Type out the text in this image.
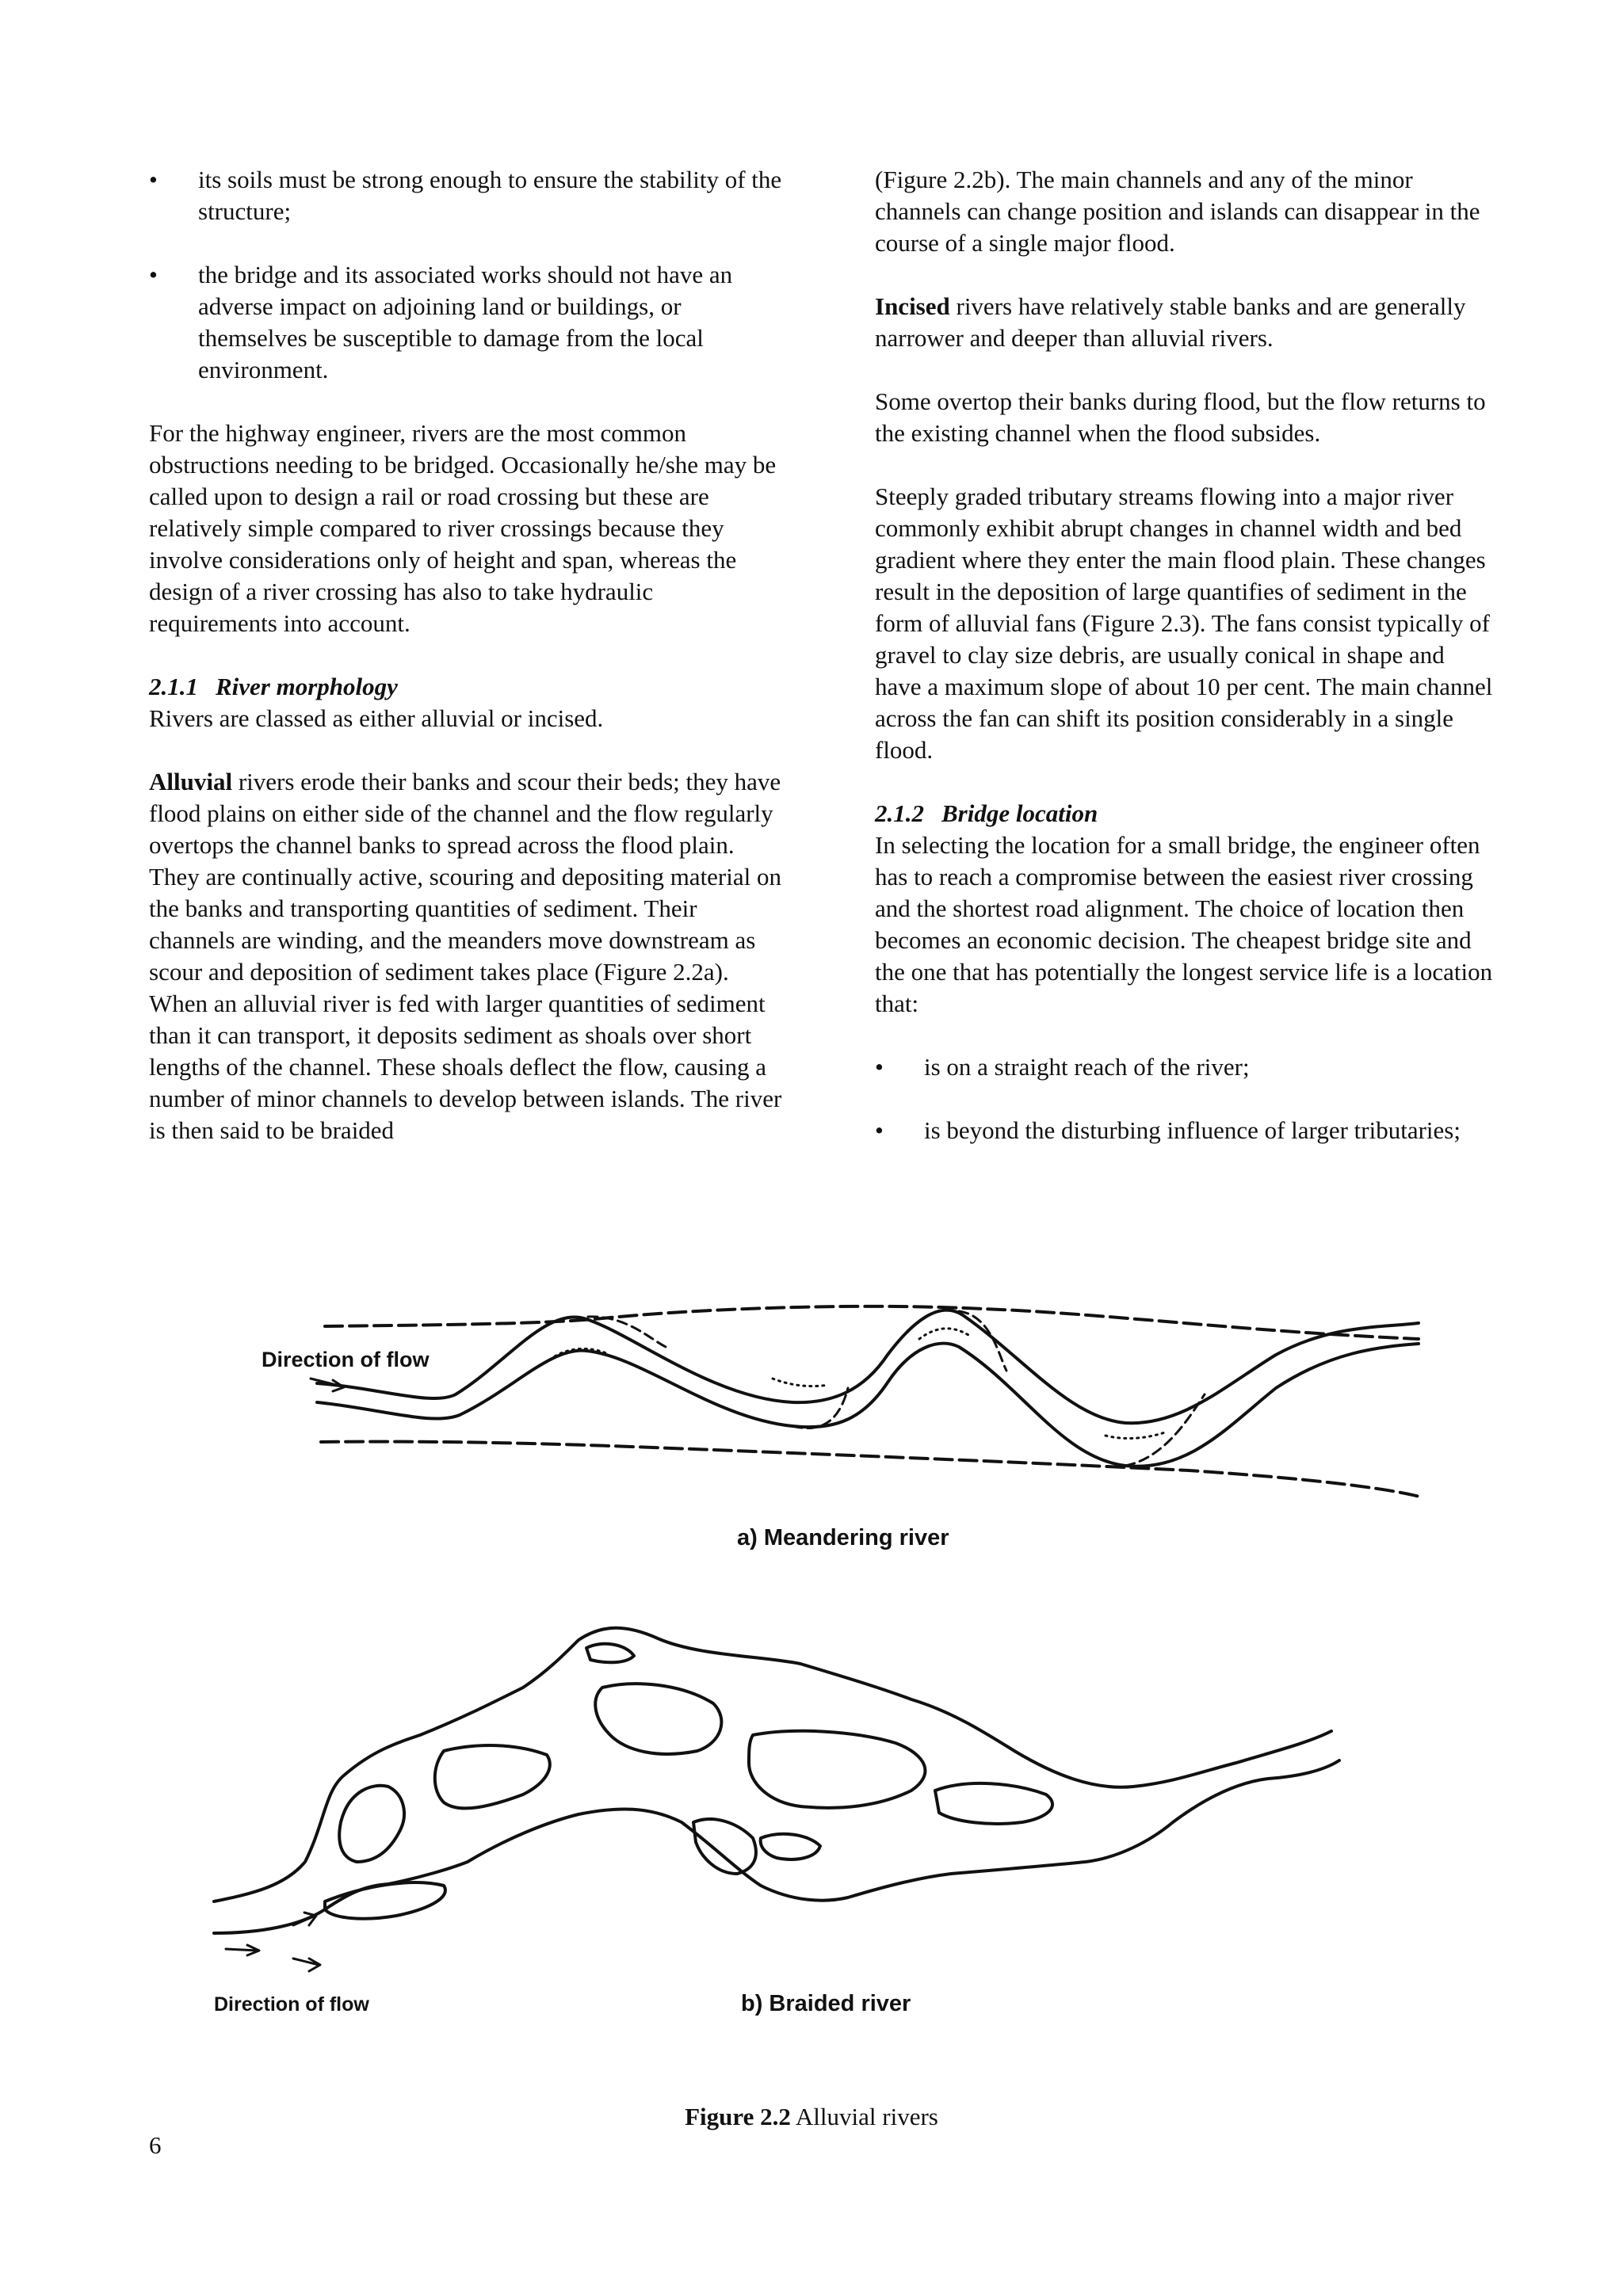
• its soils must be strong enough to ensure the stability of the structure;
• the bridge and its associated works should not have an adverse impact on adjoining land or buildings, or themselves be susceptible to damage from the local environment.

For the highway engineer, rivers are the most common obstructions needing to be bridged. Occasionally he/she may be called upon to design a rail or road crossing but these are relatively simple compared to river crossings because they involve considerations only of height and span, whereas the design of a river crossing has also to take hydraulic requirements into account.

2.1.1 River morphology

Rivers are classed as either alluvial or incised.

Alluvial rivers erode their banks and scour their beds; they have flood plains on either side of the channel and the flow regularly overtops the channel banks to spread across the flood plain. They are continually active, scouring and depositing material on the banks and transporting quantities of sediment. Their channels are winding, and the meanders move downstream as scour and deposition of sediment takes place (Figure 2.2a). When an alluvial river is fed with larger quantities of sediment than it can transport, it deposits sediment as shoals over short lengths of the channel. These shoals deflect the flow, causing a number of minor channels to develop between islands. The river is then said to be braided

(Figure 2.2b). The main channels and any of the minor channels can change position and islands can disappear in the course of a single major flood.

Incised rivers have relatively stable banks and are generally narrower and deeper than alluvial rivers.

Some overtop their banks during flood, but the flow returns to the existing channel when the flood subsides.

Steeply graded tributary streams flowing into a major river commonly exhibit abrupt changes in channel width and bed gradient where they enter the main flood plain. These changes result in the deposition of large quantifies of sediment in the form of alluvial fans (Figure 2.3). The fans consist typically of gravel to clay size debris, are usually conical in shape and have a maximum slope of about 10 per cent. The main channel across the fan can shift its position considerably in a single flood.

2.1.2 Bridge location

In selecting the location for a small bridge, the engineer often has to reach a compromise between the easiest river crossing and the shortest road alignment. The choice of location then becomes an economic decision. The cheapest bridge site and the one that has potentially the longest service life is a location that:

• is on a straight reach of the river;
• is beyond the disturbing influence of larger tributaries;
Direction of flow
a) Meandering river
Direction of flow	b) Braided river
Figure 2.2 Alluvial rivers
6
